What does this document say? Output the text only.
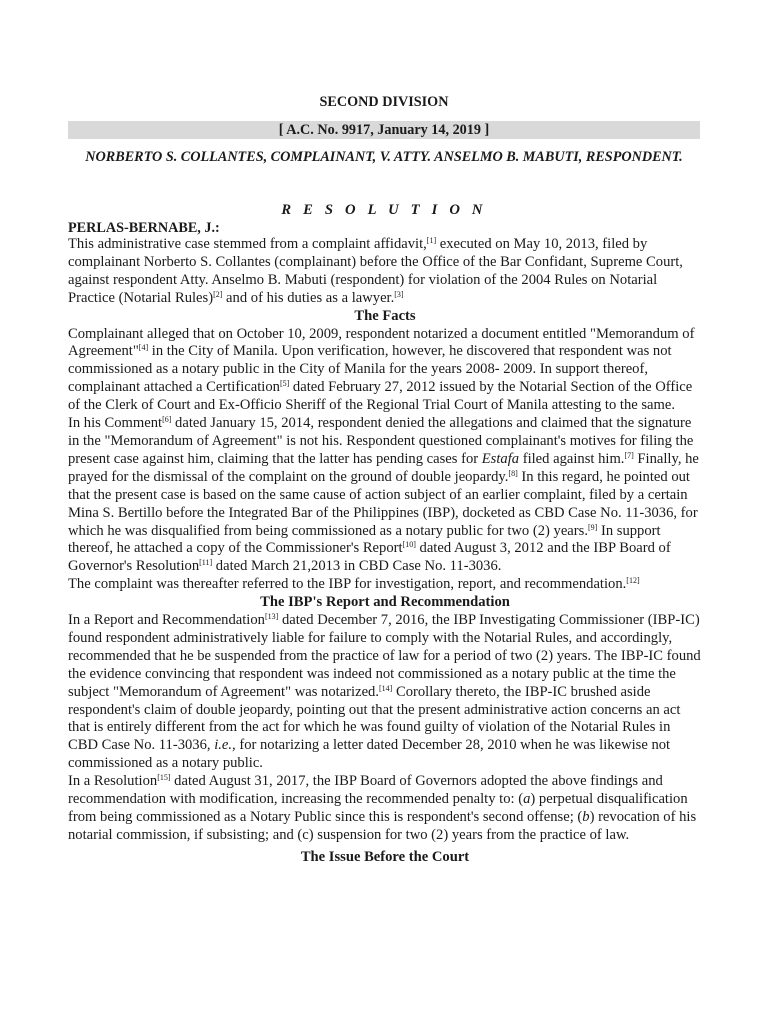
SECOND DIVISION
[ A.C. No. 9917, January 14, 2019 ]
NORBERTO S. COLLANTES, COMPLAINANT, V. ATTY. ANSELMO B. MABUTI, RESPONDENT.
R E S O L U T I O N
PERLAS-BERNABE, J.:

This administrative case stemmed from a complaint affidavit,[1] executed on May 10, 2013, filed by complainant Norberto S. Collantes (complainant) before the Office of the Bar Confidant, Supreme Court, against respondent Atty. Anselmo B. Mabuti (respondent) for violation of the 2004 Rules on Notarial Practice (Notarial Rules)[2] and of his duties as a lawyer.[3]

The Facts

Complainant alleged that on October 10, 2009, respondent notarized a document entitled "Memorandum of Agreement"[4] in the City of Manila. Upon verification, however, he discovered that respondent was not commissioned as a notary public in the City of Manila for the years 2008- 2009. In support thereof, complainant attached a Certification[5] dated February 27, 2012 issued by the Notarial Section of the Office of the Clerk of Court and Ex-Officio Sheriff of the Regional Trial Court of Manila attesting to the same.

In his Comment[6] dated January 15, 2014, respondent denied the allegations and claimed that the signature in the "Memorandum of Agreement" is not his. Respondent questioned complainant's motives for filing the present case against him, claiming that the latter has pending cases for Estafa filed against him.[7] Finally, he prayed for the dismissal of the complaint on the ground of double jeopardy.[8] In this regard, he pointed out that the present case is based on the same cause of action subject of an earlier complaint, filed by a certain Mina S. Bertillo before the Integrated Bar of the Philippines (IBP), docketed as CBD Case No. 11-3036, for which he was disqualified from being commissioned as a notary public for two (2) years.[9] In support thereof, he attached a copy of the Commissioner's Report[10] dated August 3, 2012 and the IBP Board of Governor's Resolution[11] dated March 21,2013 in CBD Case No. 11-3036.

The complaint was thereafter referred to the IBP for investigation, report, and recommendation.[12]

The IBP's Report and Recommendation

In a Report and Recommendation[13] dated December 7, 2016, the IBP Investigating Commissioner (IBP-IC) found respondent administratively liable for failure to comply with the Notarial Rules, and accordingly, recommended that he be suspended from the practice of law for a period of two (2) years. The IBP-IC found the evidence convincing that respondent was indeed not commissioned as a notary public at the time the subject "Memorandum of Agreement" was notarized.[14] Corollary thereto, the IBP-IC brushed aside respondent's claim of double jeopardy, pointing out that the present administrative action concerns an act that is entirely different from the act for which he was found guilty of violation of the Notarial Rules in CBD Case No. 11-3036, i.e., for notarizing a letter dated December 28, 2010 when he was likewise not commissioned as a notary public.

In a Resolution[15] dated August 31, 2017, the IBP Board of Governors adopted the above findings and recommendation with modification, increasing the recommended penalty to: (a) perpetual disqualification from being commissioned as a Notary Public since this is respondent's second offense; (b) revocation of his notarial commission, if subsisting; and (c) suspension for two (2) years from the practice of law.

The Issue Before the Court
